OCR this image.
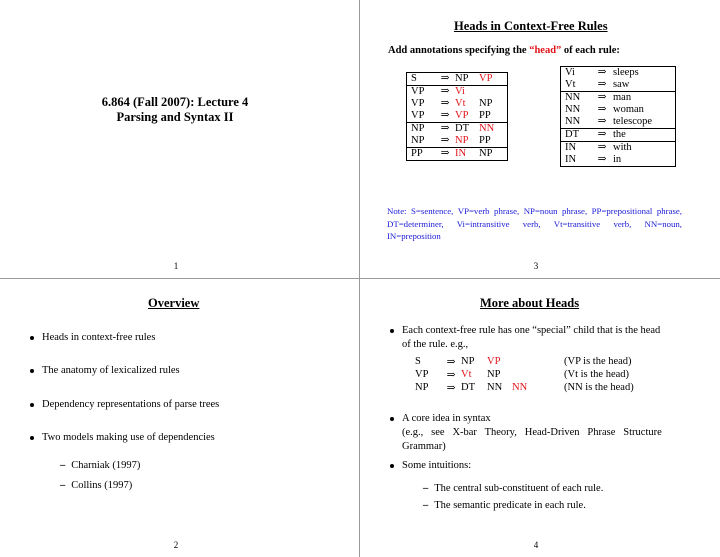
6.864 (Fall 2007): Lecture 4
Parsing and Syntax II
1
Heads in Context-Free Rules
Add annotations specifying the “head” of each rule:
S	⇒ NP	VP
VP	⇒ Vi
VP	⇒ Vt	NP
VP	⇒ VP	PP
NP	⇒ DT NN
NP	⇒ NP	PP
PP	⇒ IN	NP
Vi	⇒ sleeps
Vt	⇒ saw
NN	⇒ man
NN	⇒ woman
NN	⇒ telescope
DT	⇒ the
IN	⇒ with
IN	⇒ in
Note: S=sentence, VP=verb phrase, NP=noun phrase, PP=prepositional phrase, DT=determiner, Vi=intransitive verb, Vt=transitive verb, NN=noun, IN=preposition
3
Overview
Heads in context-free rules
The anatomy of lexicalized rules
Dependency representations of parse trees
Two models making use of dependencies
– Charniak (1997)
– Collins (1997)
2
More about Heads
Each context-free rule has one “special” child that is the head
of the rule. e.g.,
S	⇒ NP	VP	(VP is the head)
VP	⇒ Vt	NP	(Vt is the head)
NP	⇒ DT	NN NN	(NN is the head)
A core idea in syntax
(e.g.,   see   X-bar   Theory,   Head-Driven   Phrase   Structure
Grammar)
Some intuitions:
– The central sub-constituent of each rule.
– The semantic predicate in each rule.
4
